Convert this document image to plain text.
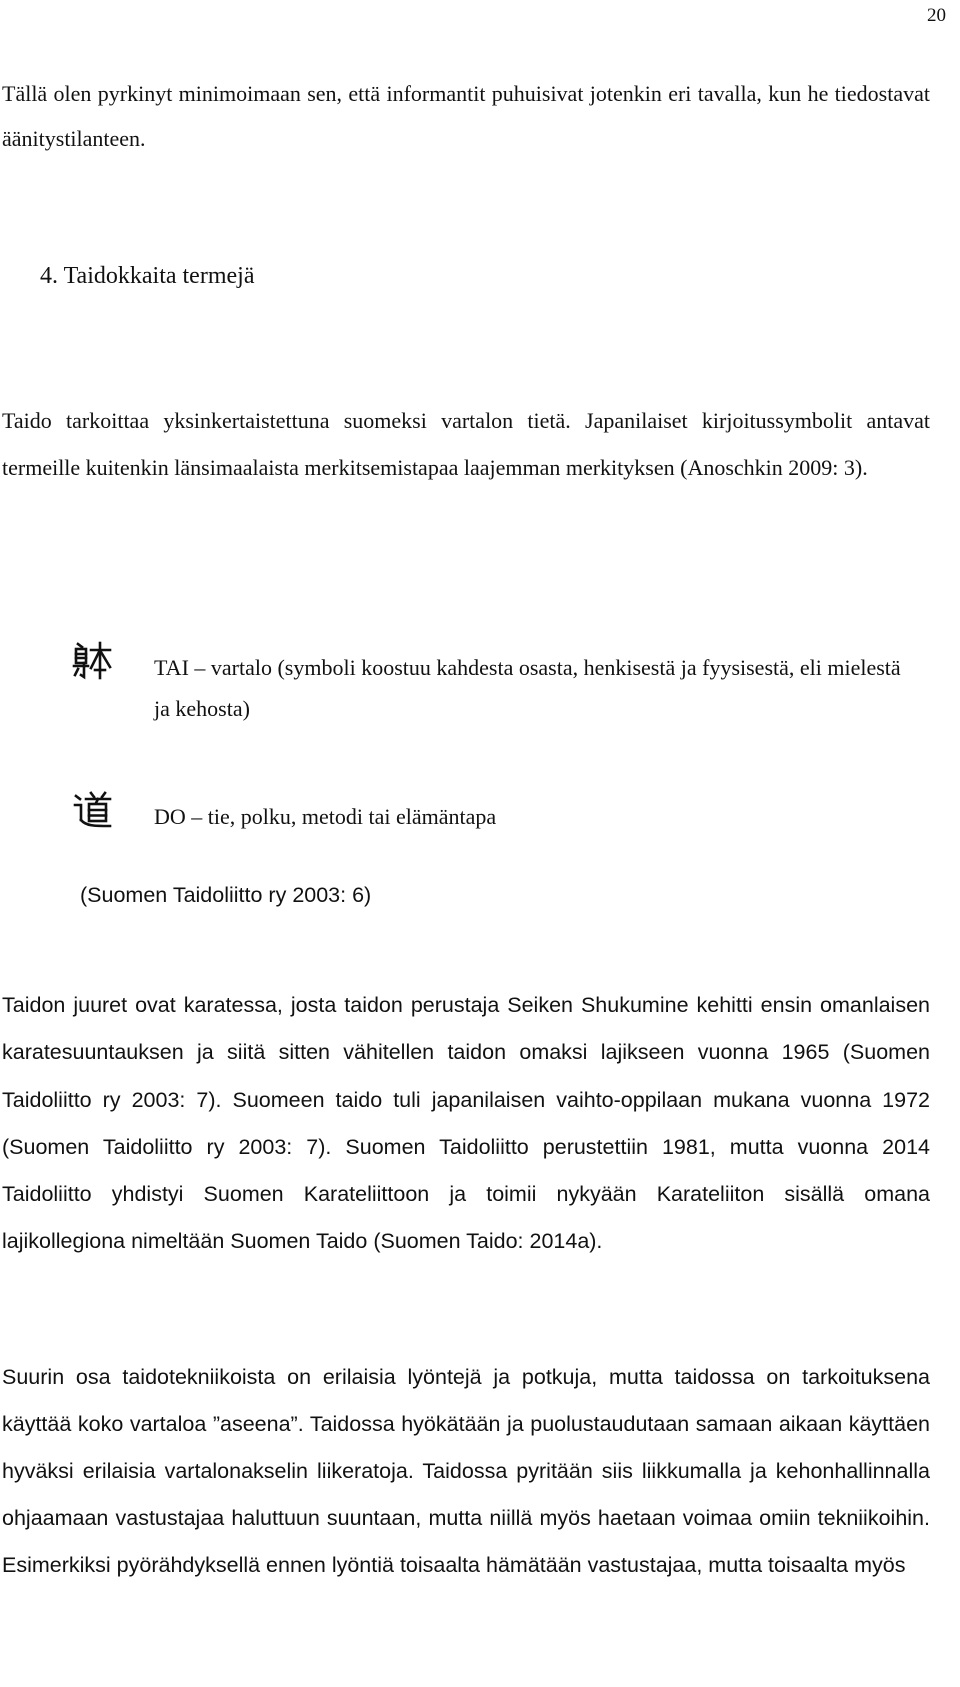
20

Tällä olen pyrkinyt minimoimaan sen, että informantit puhuisivat jotenkin eri tavalla, kun he tiedostavat äänitystilanteen.

4. Taidokkaita termejä

Taido tarkoittaa yksinkertaistettuna suomeksi vartalon tietä. Japanilaiset kirjoitussymbolit antavat termeille kuitenkin länsimaalaista merkitsemistapaa laajemman merkityksen (Anoschkin 2009: 3).

TAI – vartalo (symboli koostuu kahdesta osasta, henkisestä ja fyysisestä, eli mielestä ja kehosta)
DO – tie, polku, metodi tai elämäntapa

(Suomen Taidoliitto ry 2003: 6)

Taidon juuret ovat karatessa, josta taidon perustaja Seiken Shukumine kehitti ensin omanlaisen karatesuuntauksen ja siitä sitten vähitellen taidon omaksi lajikseen vuonna 1965 (Suomen Taidoliitto ry 2003: 7). Suomeen taido tuli japanilaisen vaihto-oppilaan mukana vuonna 1972 (Suomen Taidoliitto ry 2003: 7). Suomen Taidoliitto perustettiin 1981, mutta vuonna 2014 Taidoliitto yhdistyi Suomen Karateliittoon ja toimii nykyään Karateliiton sisällä omana lajikollegiona nimeltään Suomen Taido (Suomen Taido: 2014a).

Suurin osa taidotekniikoista on erilaisia lyöntejä ja potkuja, mutta taidossa on tarkoituksena käyttää koko vartaloa ”aseena”. Taidossa hyökätään ja puolustaudutaan samaan aikaan käyttäen hyväksi erilaisia vartalonakselin liikeratoja. Taidossa pyritään siis liikkumalla ja kehonhallinnalla ohjaamaan vastustajaa haluttuun suuntaan, mutta niillä myös haetaan voimaa omiin tekniikoihin. Esimerkiksi pyörähdyksellä ennen lyöntiä toisaalta hämätään vastustajaa, mutta toisaalta myös
